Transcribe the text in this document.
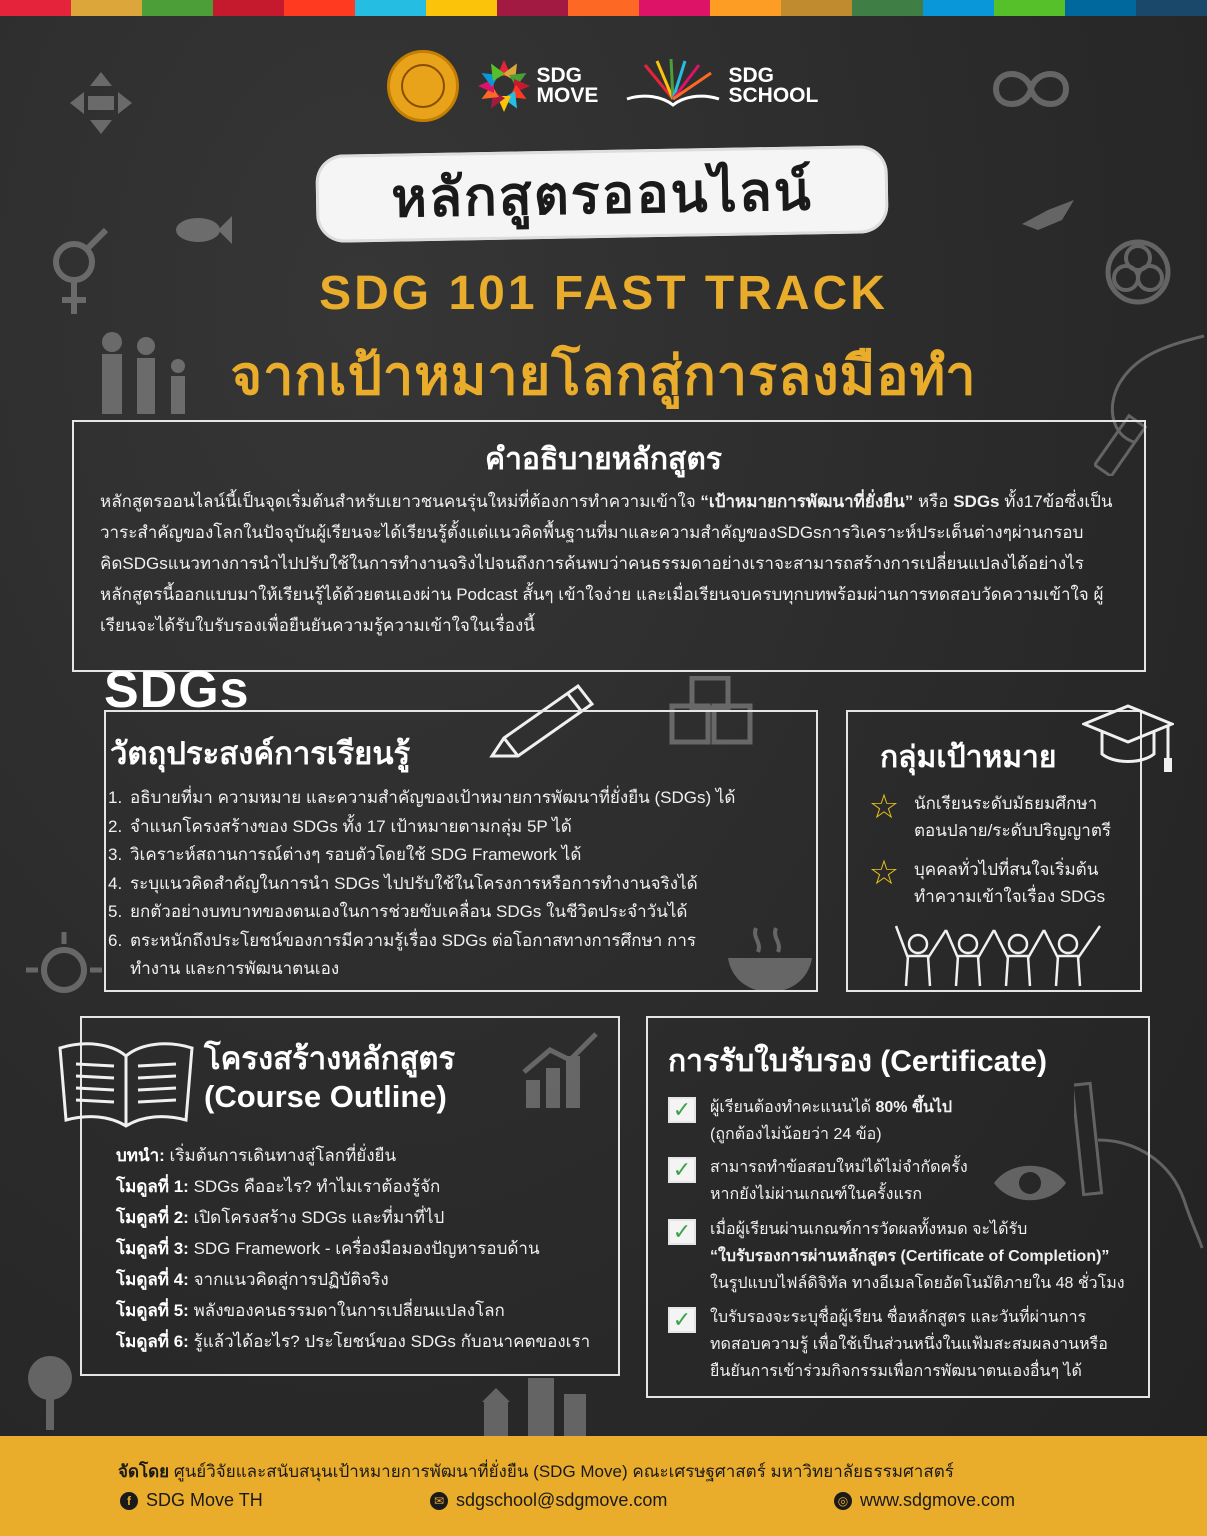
SDG MOVE
SDG SCHOOL
หลักสูตรออนไลน์
SDG 101 FAST TRACK
จากเป้าหมายโลกสู่การลงมือทำ
คำอธิบายหลักสูตร
หลักสูตรออนไลน์นี้เป็นจุดเริ่มต้นสำหรับเยาวชนคนรุ่นใหม่ที่ต้องการทำความเข้าใจ “เป้าหมายการพัฒนาที่ยั่งยืน” หรือ SDGs ทั้ง17ข้อซึ่งเป็นวาระสำคัญของโลกในปัจจุบันผู้เรียนจะได้เรียนรู้ตั้งแต่แนวคิดพื้นฐานที่มาและความสำคัญของSDGsการวิเคราะห์ประเด็นต่างๆผ่านกรอบคิดSDGsแนวทางการนำไปปรับใช้ในการทำงานจริงไปจนถึงการค้นพบว่าคนธรรมดาอย่างเราจะสามารถสร้างการเปลี่ยนแปลงได้อย่างไร หลักสูตรนี้ออกแบบมาให้เรียนรู้ได้ด้วยตนเองผ่าน Podcast สั้นๆ เข้าใจง่าย และเมื่อเรียนจบครบทุกบทพร้อมผ่านการทดสอบวัดความเข้าใจ ผู้เรียนจะได้รับใบรับรองเพื่อยืนยันความรู้ความเข้าใจในเรื่องนี้
SDGs
วัตถุประสงค์การเรียนรู้
1. อธิบายที่มา ความหมาย และความสำคัญของเป้าหมายการพัฒนาที่ยั่งยืน (SDGs) ได้
2. จำแนกโครงสร้างของ SDGs ทั้ง 17 เป้าหมายตามกลุ่ม 5P ได้
3. วิเคราะห์สถานการณ์ต่างๆ รอบตัวโดยใช้ SDG Framework ได้
4. ระบุแนวคิดสำคัญในการนำ SDGs ไปปรับใช้ในโครงการหรือการทำงานจริงได้
5. ยกตัวอย่างบทบาทของตนเองในการช่วยขับเคลื่อน SDGs ในชีวิตประจำวันได้
6. ตระหนักถึงประโยชน์ของการมีความรู้เรื่อง SDGs ต่อโอกาสทางการศึกษา การทำงาน และการพัฒนาตนเอง
กลุ่มเป้าหมาย
☆ นักเรียนระดับมัธยมศึกษา
ตอนปลาย/ระดับปริญญาตรี
☆ บุคคลทั่วไปที่สนใจเริ่มต้น
ทำความเข้าใจเรื่อง SDGs
โครงสร้างหลักสูตร
(Course Outline)
บทนำ: เริ่มต้นการเดินทางสู่โลกที่ยั่งยืน
โมดูลที่ 1: SDGs คืออะไร? ทำไมเราต้องรู้จัก
โมดูลที่ 2: เปิดโครงสร้าง SDGs และที่มาที่ไป
โมดูลที่ 3: SDG Framework - เครื่องมือมองปัญหารอบด้าน
โมดูลที่ 4: จากแนวคิดสู่การปฏิบัติจริง
โมดูลที่ 5: พลังของคนธรรมดาในการเปลี่ยนแปลงโลก
โมดูลที่ 6: รู้แล้วได้อะไร? ประโยชน์ของ SDGs กับอนาคตของเรา
การรับใบรับรอง (Certificate)
✓ ผู้เรียนต้องทำคะแนนได้ 80% ขึ้นไป
(ถูกต้องไม่น้อยว่า 24 ข้อ)
✓ สามารถทำข้อสอบใหม่ได้ไม่จำกัดครั้ง
หากยังไม่ผ่านเกณฑ์ในครั้งแรก
✓ เมื่อผู้เรียนผ่านเกณฑ์การวัดผลทั้งหมด จะได้รับ
“ใบรับรองการผ่านหลักสูตร (Certificate of Completion)”
ในรูปแบบไฟล์ดิจิทัล ทางอีเมลโดยอัตโนมัติภายใน 48 ชั่วโมง
✓ ใบรับรองจะระบุชื่อผู้เรียน ชื่อหลักสูตร และวันที่ผ่านการ
ทดสอบความรู้ เพื่อใช้เป็นส่วนหนึ่งในแฟ้มสะสมผลงานหรือ
ยืนยันการเข้าร่วมกิจกรรมเพื่อการพัฒนาตนเองอื่นๆ ได้
จัดโดย ศูนย์วิจัยและสนับสนุนเป้าหมายการพัฒนาที่ยั่งยืน (SDG Move) คณะเศรษฐศาสตร์ มหาวิทยาลัยธรรมศาสตร์
f SDG Move TH	✉ sdgschool@sdgmove.com	◎ www.sdgmove.com
